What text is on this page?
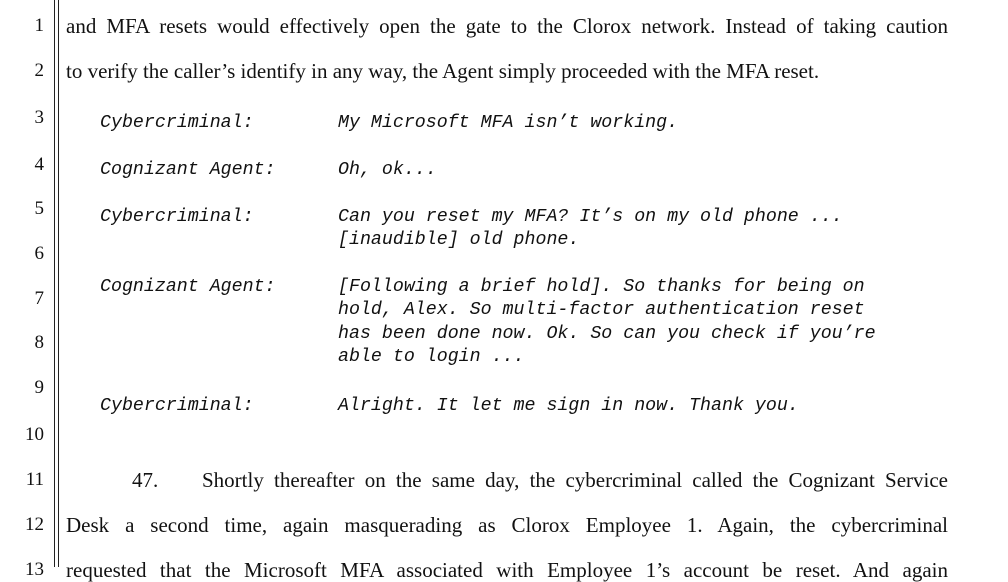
1
2
3
4
5
6
7
8
9
10
11
12
13
and MFA resets would effectively open the gate to the Clorox network. Instead of taking caution
to verify the caller’s identify in any way, the Agent simply proceeded with the MFA reset.
Cybercriminal:	My Microsoft MFA isn’t working.
Cognizant Agent:	Oh, ok...
Cybercriminal:	Can you reset my MFA? It’s on my old phone ...
[inaudible] old phone.
Cognizant Agent:	[Following a brief hold]. So thanks for being on
hold, Alex. So multi-factor authentication reset
has been done now. Ok. So can you check if you’re
able to login ...
Cybercriminal:	Alright. It let me sign in now. Thank you.
47. Shortly thereafter on the same day, the cybercriminal called the Cognizant Service
Desk a second time, again masquerading as Clorox Employee 1. Again, the cybercriminal
requested that the Microsoft MFA associated with Employee 1’s account be reset. And again
